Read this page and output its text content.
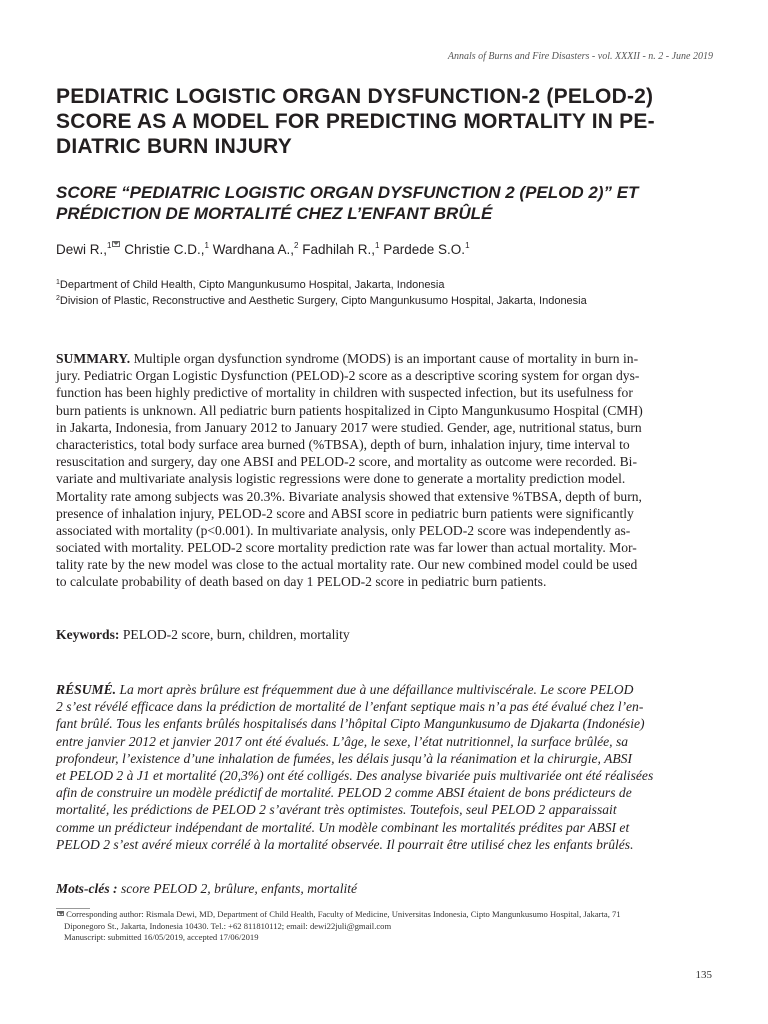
Annals of Burns and Fire Disasters - vol. XXXII - n. 2 - June 2019
PEDIATRIC LOGISTIC ORGAN DYSFUNCTION-2 (PELOD-2)
SCORE AS A MODEL FOR PREDICTING MORTALITY IN PE-
DIATRIC BURN INJURY
SCORE “PEDIATRIC LOGISTIC ORGAN DYSFUNCTION 2 (PELOD 2)” ET
PRÉDICTION DE MORTALITÉ CHEZ L’ENFANT BRÛLÉ
Dewi R.,$^1$ Christie C.D.,$^1$ Wardhana A.,$^2$ Fadhilah R.,$^1$ Pardede S.O.$^1$
$^1$Department of Child Health, Cipto Mangunkusumo Hospital, Jakarta, Indonesia
$^2$Division of Plastic, Reconstructive and Aesthetic Surgery, Cipto Mangunkusumo Hospital, Jakarta, Indonesia
SUMMARY. Multiple organ dysfunction syndrome (MODS) is an important cause of mortality in burn in-
jury. Pediatric Organ Logistic Dysfunction (PELOD)-2 score as a descriptive scoring system for organ dys-
function has been highly predictive of mortality in children with suspected infection, but its usefulness for
burn patients is unknown. All pediatric burn patients hospitalized in Cipto Mangunkusumo Hospital (CMH)
in Jakarta, Indonesia, from January 2012 to January 2017 were studied. Gender, age, nutritional status, burn
characteristics, total body surface area burned (%TBSA), depth of burn, inhalation injury, time interval to
resuscitation and surgery, day one ABSI and PELOD-2 score, and mortality as outcome were recorded. Bi-
variate and multivariate analysis logistic regressions were done to generate a mortality prediction model.
Mortality rate among subjects was 20.3%. Bivariate analysis showed that extensive %TBSA, depth of burn,
presence of inhalation injury, PELOD-2 score and ABSI score in pediatric burn patients were significantly
associated with mortality (p<0.001). In multivariate analysis, only PELOD-2 score was independently as-
sociated with mortality. PELOD-2 score mortality prediction rate was far lower than actual mortality. Mor-
tality rate by the new model was close to the actual mortality rate. Our new combined model could be used
to calculate probability of death based on day 1 PELOD-2 score in pediatric burn patients.
Keywords: PELOD-2 score, burn, children, mortality
RÉSUMÉ. La mort après brûlure est fréquemment due à une défaillance multiviscérale. Le score PELOD
2 s’est révélé efficace dans la prédiction de mortalité de l’enfant septique mais n’a pas été évalué chez l’en-
fant brûlé. Tous les enfants brûlés hospitalisés dans l’hôpital Cipto Mangunkusumo de Djakarta (Indonésie)
entre janvier 2012 et janvier 2017 ont été évalués. L’âge, le sexe, l’état nutritionnel, la surface brûlée, sa
profondeur, l’existence d’une inhalation de fumées, les délais jusqu’à la réanimation et la chirurgie, ABSI
et PELOD 2 à J1 et mortalité (20,3%) ont été colligés. Des analyse bivariée puis multivariée ont été réalisées
afin de construire un modèle prédictif de mortalité. PELOD 2 comme ABSI étaient de bons prédicteurs de
mortalité, les prédictions de PELOD 2 s’avérant très optimistes. Toutefois, seul PELOD 2 apparaissait
comme un prédicteur indépendant de mortalité. Un modèle combinant les mortalités prédites par ABSI et
PELOD 2 s’est avéré mieux corrélé à la mortalité observée. Il pourrait être utilisé chez les enfants brûlés.
Mots-clés : score PELOD 2, brûlure, enfants, mortalité
Corresponding author: Rismala Dewi, MD, Department of Child Health, Faculty of Medicine, Universitas Indonesia, Cipto Mangunkusumo Hospital, Jakarta, 71
Diponegoro St., Jakarta, Indonesia 10430. Tel.: +62 811810112; email: dewi22juli@gmail.com
Manuscript: submitted 16/05/2019, accepted 17/06/2019
135
